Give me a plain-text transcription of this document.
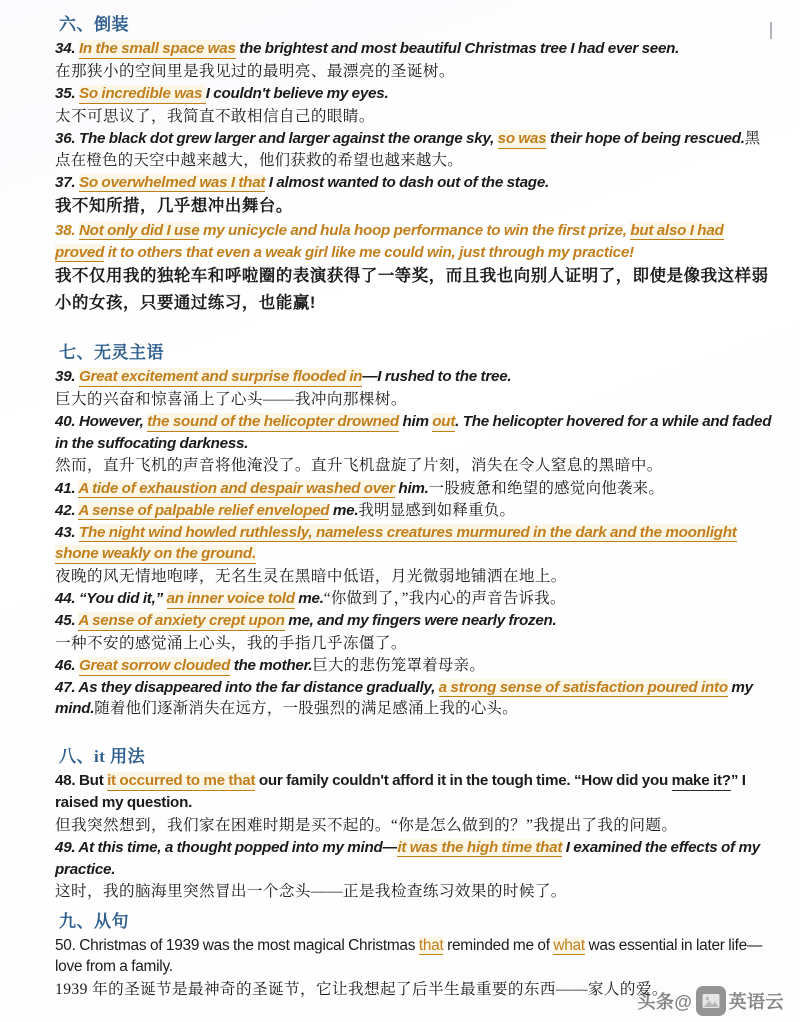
六、倒装

34. In the small space was the brightest and most beautiful Christmas tree I had ever seen.

在那狭小的空间里是我见过的最明亮、最漂亮的圣诞树。

35. So incredible was I couldn't believe my eyes.

太不可思议了，我简直不敢相信自己的眼睛。

36. The black dot grew larger and larger against the orange sky, so was their hope of being rescued.黑点在橙色的天空中越来越大，他们获救的希望也越来越大。

37. So overwhelmed was I that I almost wanted to dash out of the stage.

我不知所措，几乎想冲出舞台。

38. Not only did I use my unicycle and hula hoop performance to win the first prize, but also I had proved it to others that even a weak girl like me could win, just through my practice!

我不仅用我的独轮车和呼啦圈的表演获得了一等奖，而且我也向别人证明了，即使是像我这样弱小的女孩，只要通过练习，也能赢!

七、无灵主语

39. Great excitement and surprise flooded in—I rushed to the tree.

巨大的兴奋和惊喜涌上了心头——我冲向那棵树。

40. However, the sound of the helicopter drowned him out. The helicopter hovered for a while and faded in the suffocating darkness.

然而，直升飞机的声音将他淹没了。直升飞机盘旋了片刻，消失在令人窒息的黑暗中。

41. A tide of exhaustion and despair washed over him.一股疲惫和绝望的感觉向他袭来。

42. A sense of palpable relief enveloped me.我明显感到如释重负。

43. The night wind howled ruthlessly, nameless creatures murmured in the dark and the moonlight shone weakly on the ground.

夜晚的风无情地咆哮，无名生灵在黑暗中低语，月光微弱地铺洒在地上。

44. “You did it,” an inner voice told me.“你做到了，”我内心的声音告诉我。

45. A sense of anxiety crept upon me, and my fingers were nearly frozen.

一种不安的感觉涌上心头，我的手指几乎冻僵了。

46. Great sorrow clouded the mother.巨大的悲伤笼罩着母亲。

47. As they disappeared into the far distance gradually, a strong sense of satisfaction poured into my mind.随着他们逐渐消失在远方，一股强烈的满足感涌上我的心头。

八、it 用法

48. But it occurred to me that our family couldn't afford it in the tough time. “How did you make it?” I raised my question.

但我突然想到，我们家在困难时期是买不起的。“你是怎么做到的？”我提出了我的问题。

49. At this time, a thought popped into my mind—it was the high time that I examined the effects of my practice.

这时，我的脑海里突然冒出一个念头——正是我检查练习效果的时候了。

九、从句

50. Christmas of 1939 was the most magical Christmas that reminded me of what was essential in later life—love from a family.

1939 年的圣诞节是最神奇的圣诞节，它让我想起了后半生最重要的东西——家人的爱。

头条@ 英语云
